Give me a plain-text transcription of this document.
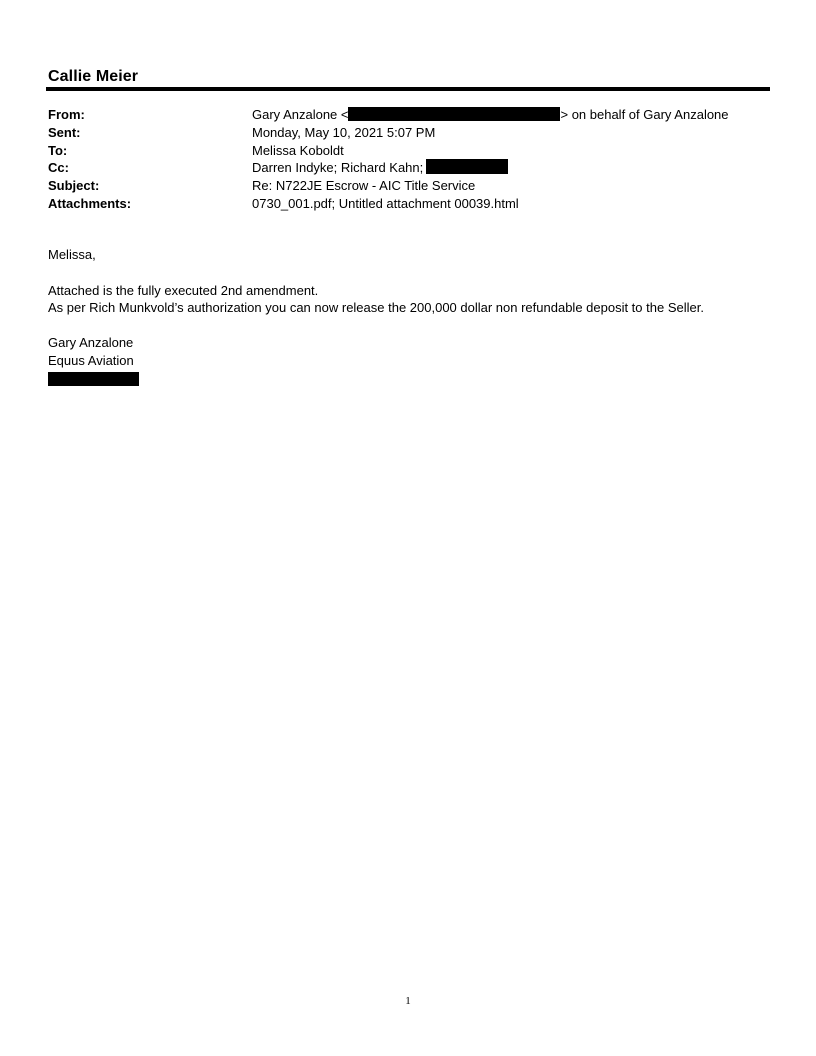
Callie Meier
From:	Gary Anzalone <	> on behalf of Gary Anzalone
Sent:	Monday, May 10, 2021 5:07 PM
To:	Melissa Koboldt
Cc:	Darren Indyke; Richard Kahn;
Subject:	Re: N722JE Escrow - AIC Title Service
Attachments:	0730_001.pdf; Untitled attachment 00039.html
Melissa,
Attached is the fully executed 2nd amendment.
As per Rich Munkvold’s authorization you can now release the 200,000 dollar non refundable deposit to the Seller.
Gary Anzalone
Equus Aviation
1
